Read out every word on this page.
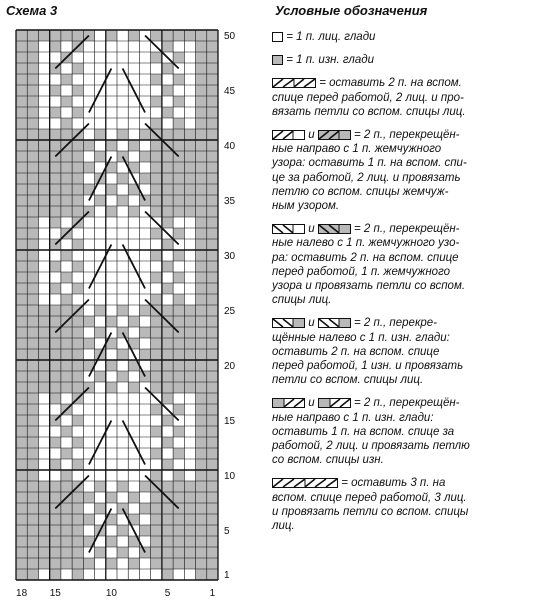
Схема 3	Условные обозначения
1
5
10
15
20
25
30
35
40
45
50
18 15	10	5	1
= 1 п. лиц. глади
= 1 п. изн. глади
= оставить 2 п. на вспом.
спице перед работой, 2 лиц. и про-
вязать петли со вспом. спицы лиц.
и	= 2 п., перекрещён-
ные направо с 1 п. жемчужного
узора: оставить 1 п. на вспом. спи-
це за работой, 2 лиц. и провязать
петлю со вспом. спицы жемчуж-
ным узором.
и	= 2 п., перекрещён-
ные налево с 1 п. жемчужного узо-
ра: оставить 2 п. на вспом. спице
перед работой, 1 п. жемчужного
узора и провязать петли со вспом.
спицы лиц.
и	= 2 п., перекре-
щённые налево с 1 п. изн. глади:
оставить 2 п. на вспом. спице
перед работой, 1 изн. и провязать
петли со вспом. спицы лиц.
и	= 2 п., перекрещён-
ные направо с 1 п. изн. глади:
оставить 1 п. на вспом. спице за
работой, 2 лиц. и провязать петлю
со вспом. спицы изн.
= оставить 3 п. на
вспом. спице перед работой, 3 лиц.
и провязать петли со вспом. спицы
лиц.
